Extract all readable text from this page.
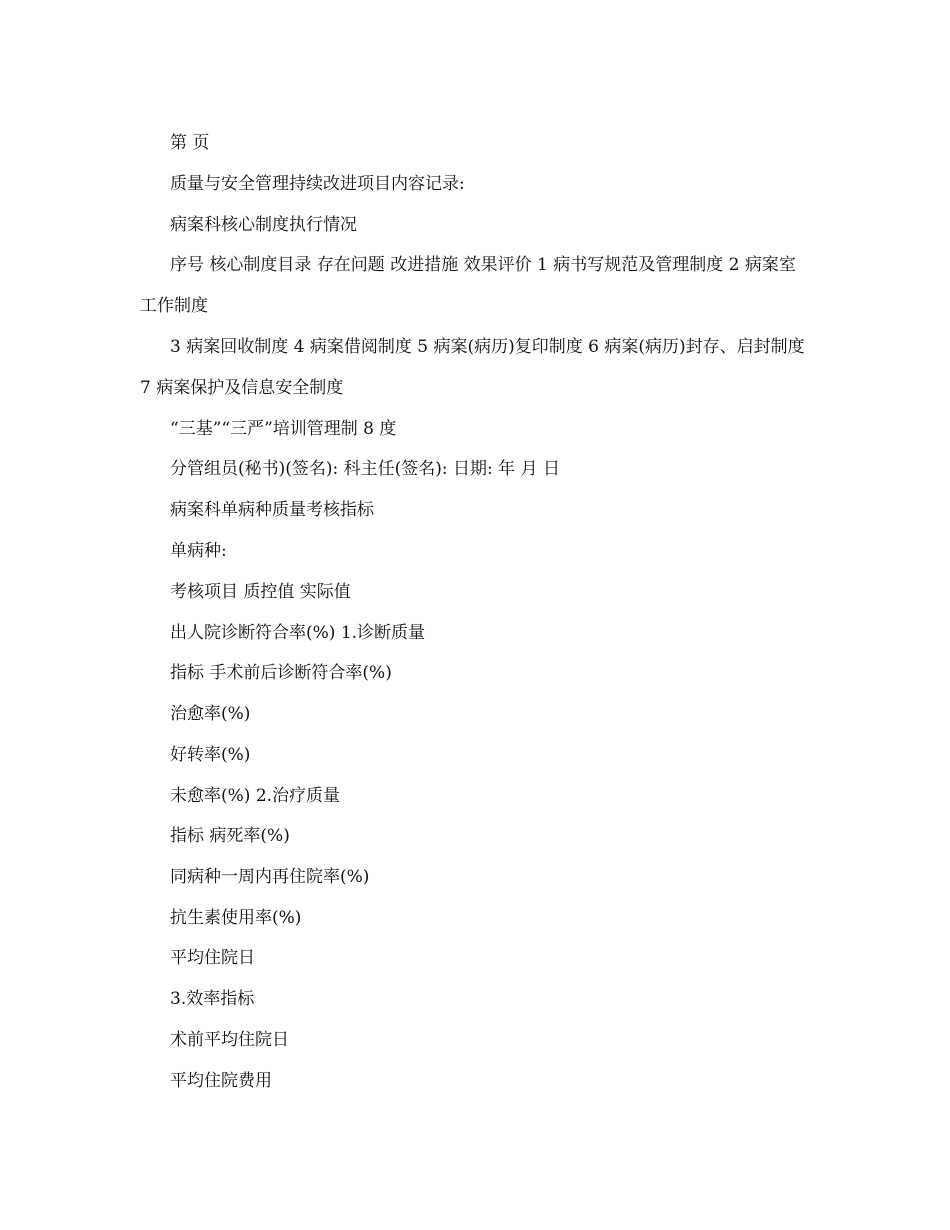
第 页

质量与安全管理持续改进项目内容记录:

病案科核心制度执行情况

序号 核心制度目录 存在问题 改进措施 效果评价 1 病书写规范及管理制度 2 病案室工作制度

3 病案回收制度 4 病案借阅制度 5 病案(病历)复印制度 6 病案(病历)封存、启封制度 7 病案保护及信息安全制度

“三基”“三严”培训管理制 8 度

分管组员(秘书)(签名): 科主任(签名): 日期: 年 月 日

病案科单病种质量考核指标

单病种:

考核项目 质控值 实际值

出人院诊断符合率(%) 1.诊断质量

指标 手术前后诊断符合率(%)

治愈率(%)

好转率(%)

未愈率(%) 2.治疗质量

指标 病死率(%)

同病种一周内再住院率(%)

抗生素使用率(%)

平均住院日

3.效率指标

术前平均住院日

平均住院费用
